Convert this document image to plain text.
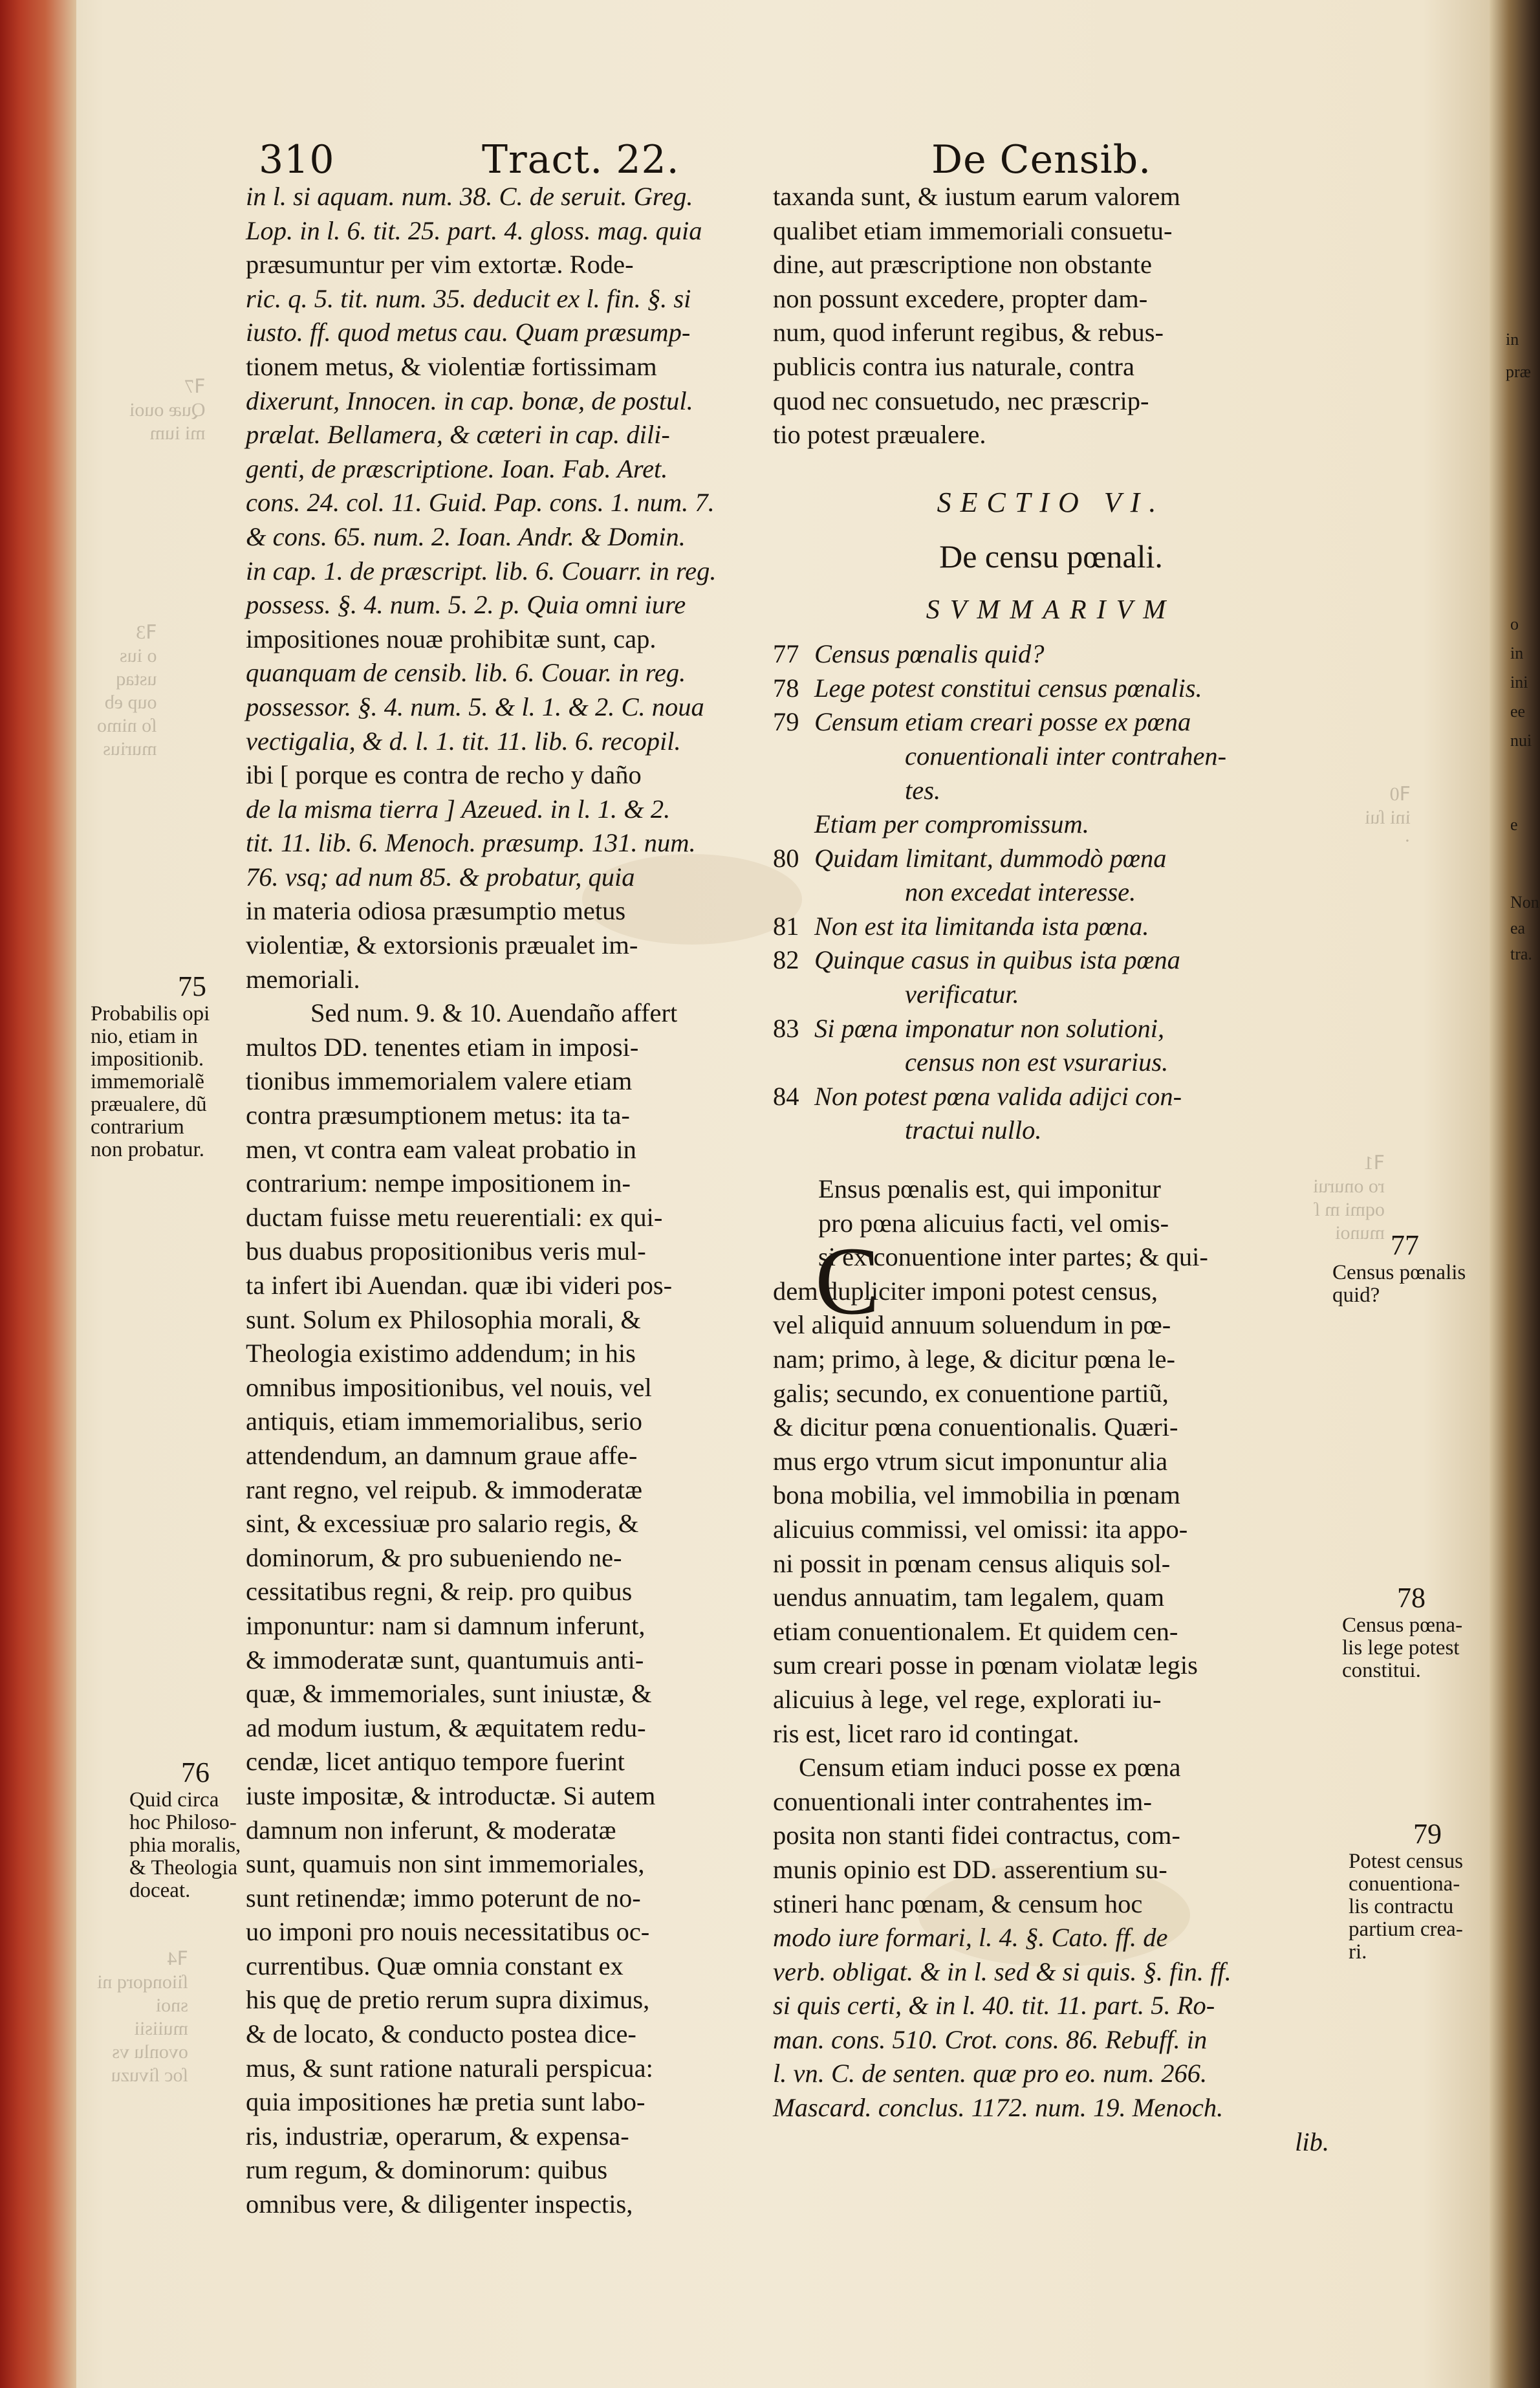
310	Tract. 22.	De Censib.
in l. si aquam. num. 38. C. de seruit. Greg.
Lop. in l. 6. tit. 25. part. 4. gloss. mag. quia
præsumuntur per vim extortæ. Rode-
ric. q. 5. tit. num. 35. deducit ex l. fin. §. si
iusto. ff. quod metus cau. Quam præsump-
tionem metus, & violentiæ fortissimam
dixerunt, Innocen. in cap. bonæ, de postul.
prælat. Bellamera, & cæteri in cap. dili-
genti, de præscriptione. Ioan. Fab. Aret.
cons. 24. col. 11. Guid. Pap. cons. 1. num. 7.
& cons. 65. num. 2. Ioan. Andr. & Domin.
in cap. 1. de præscript. lib. 6. Couarr. in reg.
possess. §. 4. num. 5. 2. p. Quia omni iure
impositiones nouæ prohibitæ sunt, cap.
quanquam de censib. lib. 6. Couar. in reg.
possessor. §. 4. num. 5. & l. 1. & 2. C. noua
vectigalia, & d. l. 1. tit. 11. lib. 6. recopil.
ibi [ porque es contra de recho y daño
de la misma tierra ] Azeued. in l. 1. & 2.
tit. 11. lib. 6. Menoch. præsump. 131. num.
76. vsq; ad num 85. & probatur, quia
in materia odiosa præsumptio metus
violentiæ, & extorsionis præualet im-
memoriali.
Sed num. 9. & 10. Auendaño affert
multos DD. tenentes etiam in imposi-
tionibus immemorialem valere etiam
contra præsumptionem metus: ita ta-
men, vt contra eam valeat probatio in
contrarium: nempe impositionem in-
ductam fuisse metu reuerentiali: ex qui-
bus duabus propositionibus veris mul-
ta infert ibi Auendan. quæ ibi videri pos-
sunt. Solum ex Philosophia morali, &
Theologia existimo addendum; in his
omnibus impositionibus, vel nouis, vel
antiquis, etiam immemorialibus, serio
attendendum, an damnum graue affe-
rant regno, vel reipub. & immoderatæ
sint, & excessiuæ pro salario regis, &
dominorum, & pro subueniendo ne-
cessitatibus regni, & reip. pro quibus
imponuntur: nam si damnum inferunt,
& immoderatæ sunt, quantumuis anti-
quæ, & immemoriales, sunt iniustæ, &
ad modum iustum, & æquitatem redu-
cendæ, licet antiquo tempore fuerint
iuste impositæ, & introductæ. Si autem
damnum non inferunt, & moderatæ
sunt, quamuis non sint immemoriales,
sunt retinendæ; immo poterunt de no-
uo imponi pro nouis necessitatibus oc-
currentibus. Quæ omnia constant ex
his quę de pretio rerum supra diximus,
& de locato, & conducto postea dice-
mus, & sunt ratione naturali perspicua:
quia impositiones hæ pretia sunt labo-
ris, industriæ, operarum, & expensa-
rum regum, & dominorum: quibus
omnibus vere, & diligenter inspectis,
taxanda sunt, & iustum earum valorem
qualibet etiam immemoriali consuetu-
dine, aut præscriptione non obstante
non possunt excedere, propter dam-
num, quod inferunt regibus, & rebus-
publicis contra ius naturale, contra
quod nec consuetudo, nec præscrip-
tio potest præualere.
SECTIO VI.
De censu pœnali.
SVMMARIVM
77 Census pœnalis quid?
78 Lege potest constitui census pœnalis.
79 Censum etiam creari posse ex pœna
conuentionali inter contrahen-
tes.
Etiam per compromissum.
80 Quidam limitant, dummodò pœna
non excedat interesse.
81 Non est ita limitanda ista pœna.
82 Quinque casus in quibus ista pœna
verificatur.
83 Si pœna imponatur non solutioni,
census non est vsurarius.
84 Non potest pœna valida adijci con-
tractui nullo.
Ensus pœnalis est, qui imponitur
pro pœna alicuius facti, vel omis-
si ex conuentione inter partes; & qui-
dem dupliciter imponi potest census,
vel aliquid annuum soluendum in pœ-
nam; primo, à lege, & dicitur pœna le-
galis; secundo, ex conuentione partiũ,
& dicitur pœna conuentionalis. Quæri-
mus ergo vtrum sicut imponuntur alia
bona mobilia, vel immobilia in pœnam
alicuius commissi, vel omissi: ita appo-
ni possit in pœnam census aliquis sol-
uendus annuatim, tam legalem, quam
etiam conuentionalem. Et quidem cen-
sum creari posse in pœnam violatæ legis
alicuius à lege, vel rege, explorati iu-
ris est, licet raro id contingat.
Censum etiam induci posse ex pœna
conuentionali inter contrahentes im-
posita non stanti fidei contractus, com-
munis opinio est DD. asserentium su-
stineri hanc pœnam, & censum hoc
modo iure formari, l. 4. §. Cato. ff. de
verb. obligat. & in l. sed & si quis. §. fin. ff.
si quis certi, & in l. 40. tit. 11. part. 5. Ro-
man. cons. 510. Crot. cons. 86. Rebuff. in
l. vn. C. de senten. quæ pro eo. num. 266.
Mascard. conclus. 1172. num. 19. Menoch.
lib.
C
75
Probabilis opi
nio, etiam in
impositionib.
immemorialẽ
præualere, dũ
contrarium
non probatur.
76
Quid circa
hoc Philoso-
phia moralis,
& Theologia
doceat.
77
Census pœnalis
quid?
78
Census pœna-
lis lege potest
constitui.
79
Potest census
conuentiona-
lis contractu
partium crea-
ri.
ꟻ7
Quæ ouoi
mi ium
ꟻ3
o ius
ustaq
oup eb
ſo nimo
murius
ꟻ1
ro onurui
oqmi m ſ
munoi
ꟻ4
ſiionqorq ni
snoi
muiisii
ovonlu vs
ſoc ſivuzu
ꟻ0
ini ſui
·
in
præ
o
in
ini
ee
nui
e
Non
ea
tra.
